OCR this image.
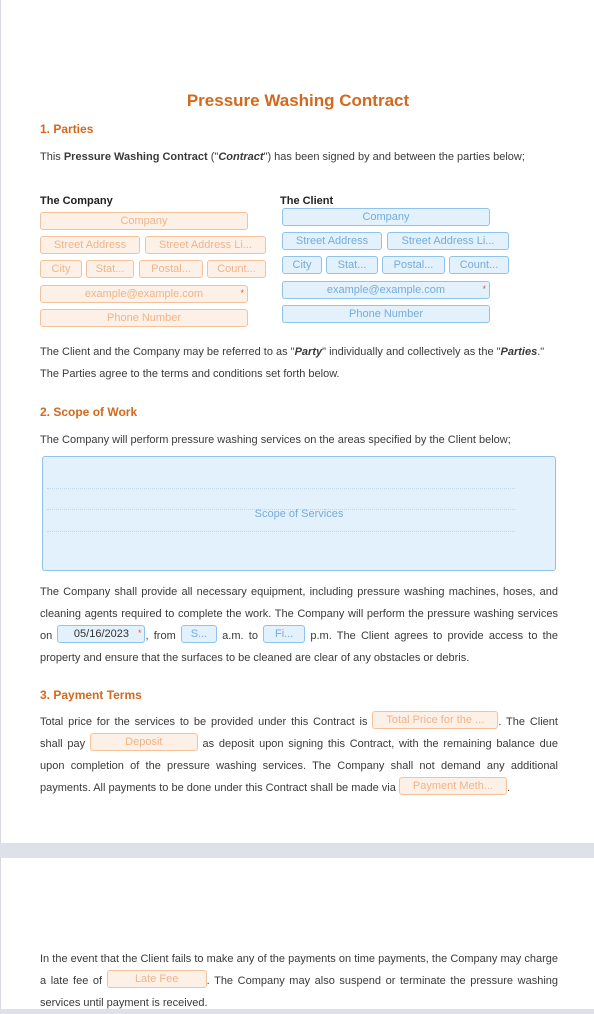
Pressure Washing Contract
1. Parties
This Pressure Washing Contract ("Contract") has been signed by and between the parties below;
The Company
Company
Street Address	Street Address Li...
City	Stat...	Postal...	Count...
example@example.com	*
Phone Number
The Client
Company
Street Address	Street Address Li...
City	Stat...	Postal...	Count...
example@example.com	*
Phone Number
The Client and the Company may be referred to as "Party" individually and collectively as the "Parties."
The Parties agree to the terms and conditions set forth below.
2. Scope of Work
The Company will perform pressure washing services on the areas specified by the Client below;
Scope of Services
The Company shall provide all necessary equipment, including pressure washing machines, hoses, and cleaning agents required to complete the work. The Company will perform the pressure washing services on 05/16/2023 * , from S... a.m. to Fi... p.m. The Client agrees to provide access to the property and ensure that the surfaces to be cleaned are clear of any obstacles or debris.
3. Payment Terms
Total price for the services to be provided under this Contract is Total Price for the ... . The Client shall pay	Deposit	as deposit upon signing this Contract, with the remaining balance due upon completion of the pressure washing services. The Company shall not demand any additional payments. All payments to be done under this Contract shall be made via Payment Meth... .
In the event that the Client fails to make any of the payments on time payments, the Company may charge a late fee of	Late Fee	. The Company may also suspend or terminate the pressure washing services until payment is received.
